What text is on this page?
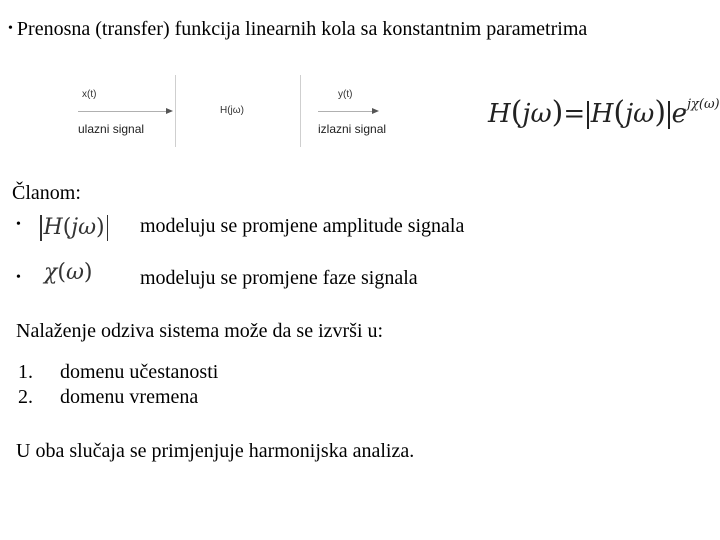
• Prenosna (transfer) funkcija linearnih kola sa konstantnim parametrima
x(t)
ulazni signal
H(jω)
y(t)
izlazni signal	H(jω)= H(jω) $e^{j\chi(\omega)}$
Članom:
• H(jω) modeluju se promjene amplitude signala
• χ(ω) modeluju se promjene faze signala
Nalaženje odziva sistema može da se izvrši u:
1. domenu učestanosti
2. domenu vremena
U oba slučaja se primjenjuje harmonijska analiza.
